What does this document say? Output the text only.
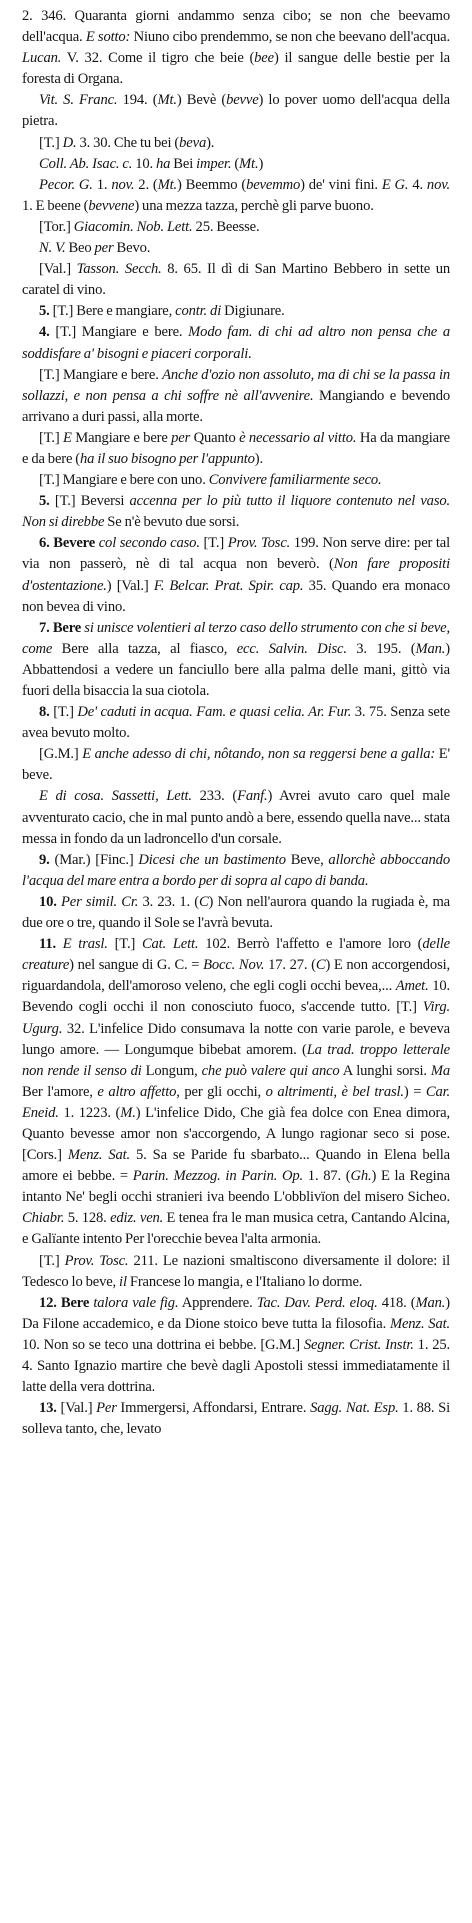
2. 346. Quaranta giorni andammo senza cibo; se non che beevamo dell'acqua. E sotto: Niuno cibo prendemmo, se non che beevano dell'acqua. Lucan. V. 32. Come il tigro che beie (bee) il sangue delle bestie per la foresta di Organa.

Vit. S. Franc. 194. (Mt.) Bevè (bevve) lo pover uomo dell'acqua della pietra.

[T.] D. 3. 30. Che tu bei (beva).

Coll. Ab. Isac. c. 10. ha Bei imper. (Mt.)

Pecor. G. 1. nov. 2. (Mt.) Beemmo (bevemmo) de' vini fini. E G. 4. nov. 1. E beene (bevvene) una mezza tazza, perchè gli parve buono.

[Tor.] Giacomin. Nob. Lett. 25. Beesse.

N. V. Beo per Bevo.

[Val.] Tasson. Secch. 8. 65. Il dì di San Martino Bebbero in sette un caratel di vino.

5. [T.] Bere e mangiare, contr. di Digiunare.

4. [T.] Mangiare e bere. Modo fam. di chi ad altro non pensa che a soddisfare a' bisogni e piaceri corporali.

[T.] Mangiare e bere. Anche d'ozio non assoluto, ma di chi se la passa in sollazzi, e non pensa a chi soffre nè all'avvenire. Mangiando e bevendo arrivano a duri passi, alla morte.

[T.] E Mangiare e bere per Quanto è necessario al vitto. Ha da mangiare e da bere (ha il suo bisogno per l'appunto).

[T.] Mangiare e bere con uno. Convivere familiarmente seco.

5. [T.] Beversi accenna per lo più tutto il liquore contenuto nel vaso. Non si direbbe Se n'è bevuto due sorsi.

6. Bevere col secondo caso. [T.] Prov. Tosc. 199. Non serve dire: per tal via non passerò, nè di tal acqua non beverò. (Non fare propositi d'ostentazione.) [Val.] F. Belcar. Prat. Spir. cap. 35. Quando era monaco non bevea di vino.

7. Bere si unisce volentieri al terzo caso dello strumento con che si beve, come Bere alla tazza, al fiasco, ecc. Salvin. Disc. 3. 195. (Man.) Abbattendosi a vedere un fanciullo bere alla palma delle mani, gittò via fuori della bisaccia la sua ciotola.

8. [T.] De' caduti in acqua. Fam. e quasi celia. Ar. Fur. 3. 75. Senza sete avea bevuto molto.

[G.M.] E anche adesso di chi, nôtando, non sa reggersi bene a galla: E' beve.

E di cosa. Sassetti, Lett. 233. (Fanf.) Avrei avuto caro quel male avventurato cacio, che in mal punto andò a bere, essendo quella nave... stata messa in fondo da un ladroncello d'un corsale.

9. (Mar.) [Finc.] Dicesi che un bastimento Beve, allorchè abboccando l'acqua del mare entra a bordo per di sopra al capo di banda.

10. Per simil. Cr. 3. 23. 1. (C) Non nell'aurora quando la rugiada è, ma due ore o tre, quando il Sole se l'avrà bevuta.

11. E trasl. [T.] Cat. Lett. 102. Berrò l'affetto e l'amore loro (delle creature) nel sangue di G. C. = Bocc. Nov. 17. 27. (C) E non accorgendosi, riguardandola, dell'amoroso veleno, che egli cogli occhi bevea,... Amet. 10. Bevendo cogli occhi il non conosciuto fuoco, s'accende tutto. [T.] Virg. Ugurg. 32. L'infelice Dido consumava la notte con varie parole, e beveva lungo amore. — Longumque bibebat amorem. (La trad. troppo letterale non rende il senso di Longum, che può valere qui anco A lunghi sorsi. Ma Ber l'amore, e altro affetto, per gli occhi, o altrimenti, è bel trasl.) = Car. Eneid. 1. 1223. (M.) L'infelice Dido, Che già fea dolce con Enea dimora, Quanto bevesse amor non s'accorgendo, A lungo ragionar seco si pose. [Cors.] Menz. Sat. 5. Sa se Paride fu sbarbato... Quando in Elena bella amore ei bebbe. = Parin. Mezzog. in Parin. Op. 1. 87. (Gh.) E la Regina intanto Ne' begli occhi stranieri iva beendo L'obblivïon del misero Sicheo. Chiabr. 5. 128. ediz. ven. E tenea fra le man musica cetra, Cantando Alcina, e Galïante intento Per l'orecchie bevea l'alta armonia.

[T.] Prov. Tosc. 211. Le nazioni smaltiscono diversamente il dolore: il Tedesco lo beve, il Francese lo mangia, e l'Italiano lo dorme.

12. Bere talora vale fig. Apprendere. Tac. Dav. Perd. eloq. 418. (Man.) Da Filone accademico, e da Dione stoico beve tutta la filosofia. Menz. Sat. 10. Non so se teco una dottrina ei bebbe. [G.M.] Segner. Crist. Instr. 1. 25. 4. Santo Ignazio martire che bevè dagli Apostoli stessi immediatamente il latte della vera dottrina.

13. [Val.] Per Immergersi, Affondarsi, Entrare. Sagg. Nat. Esp. 1. 88. Si solleva tanto, che, levato
